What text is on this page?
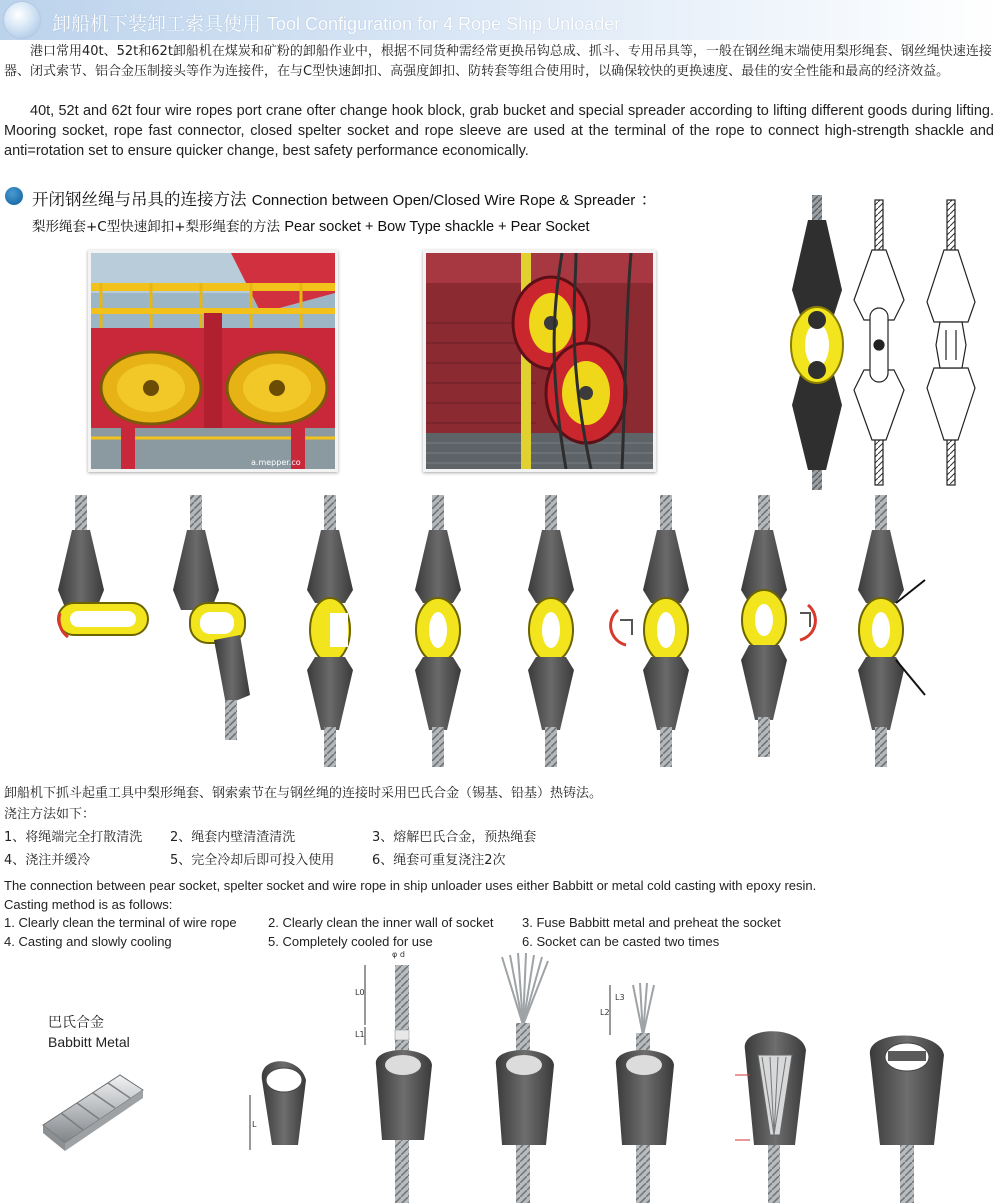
卸船机下装卸工索具使用 Tool Configuration for 4 Rope Ship Unloader

港口常用40t、52t和62t卸船机在煤炭和矿粉的卸船作业中，根据不同货种需经常更换吊钩总成、抓斗、专用吊具等，一般在钢丝绳末端使用梨形绳套、钢丝绳快速连接器、闭式索节、铝合金压制接头等作为连接件，在与C型快速卸扣、高强度卸扣、防转套等组合使用时，以确保较快的更换速度、最佳的安全性能和最高的经济效益。

40t, 52t and 62t four wire ropes port crane ofter change hook block, grab bucket and special spreader according to lifting different goods during lifting. Mooring socket, rope fast connector, closed spelter socket and rope sleeve are used at the terminal of the rope to connect high-strength shackle and anti=rotation set to ensure quicker change, best safety performance economically.

开闭钢丝绳与吊具的连接方法 Connection between Open/Closed Wire Rope & Spreader ：
梨形绳套+C型快速卸扣+梨形绳套的方法 Pear socket + Bow Type shackle + Pear Socket
a.mepper.co
卸船机下抓斗起重工具中梨形绳套、钢索索节在与钢丝绳的连接时采用巴氏合金（锡基、铅基）热铸法。
浇注方法如下：
1、将绳端完全打散清洗 2、绳套内壁清渣清洗	3、熔解巴氏合金，预热绳套
4、浇注并缓冷	5、完全冷却后即可投入使用	6、绳套可重复浇注2次
The connection between pear socket, spelter socket and wire rope in ship unloader uses either Babbitt or metal cold casting with epoxy resin.
Casting method is as follows:
1. Clearly clean the terminal of wire rope 2. Clearly clean the inner wall of socket 3. Fuse Babbitt metal and preheat the socket
4. Casting and slowly cooling	5. Completely cooled for use	6. Socket can be casted two times
巴氏合金
Babbitt Metal
L
L0
L1
φ d
L2
L3
